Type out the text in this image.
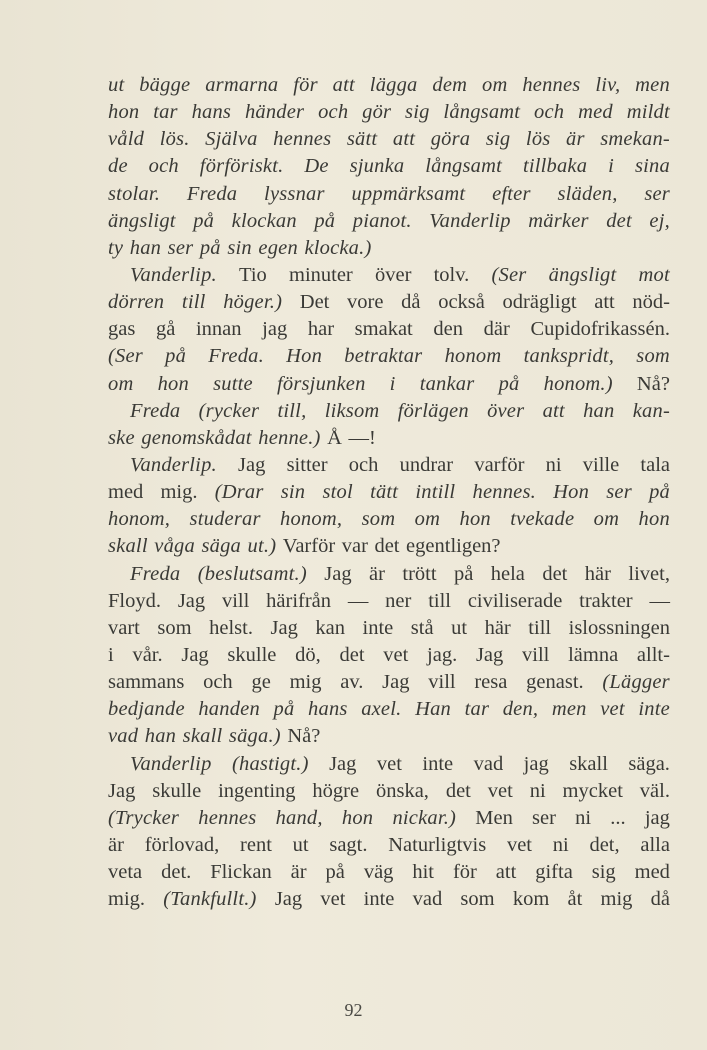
ut bägge armarna för att lägga dem om hennes liv, men
hon tar hans händer och gör sig långsamt och med mildt
våld lös. Själva hennes sätt att göra sig lös är smekan-
de och förföriskt. De sjunka långsamt tillbaka i sina
stolar. Freda lyssnar uppmärksamt efter släden, ser
ängsligt på klockan på pianot. Vanderlip märker det ej,
ty han ser på sin egen klocka.)
Vanderlip. Tio minuter över tolv. (Ser ängsligt mot
dörren till höger.) Det vore då också odrägligt att nöd-
gas gå innan jag har smakat den där Cupidofrikassén.
(Ser på Freda. Hon betraktar honom tankspridt, som
om hon sutte försjunken i tankar på honom.) Nå?
Freda (rycker till, liksom förlägen över att han kan-
ske genomskådat henne.) Å —!
Vanderlip. Jag sitter och undrar varför ni ville tala
med mig. (Drar sin stol tätt intill hennes. Hon ser på
honom, studerar honom, som om hon tvekade om hon
skall våga säga ut.) Varför var det egentligen?
Freda (beslutsamt.) Jag är trött på hela det här livet,
Floyd. Jag vill härifrån — ner till civiliserade trakter —
vart som helst. Jag kan inte stå ut här till islossningen
i vår. Jag skulle dö, det vet jag. Jag vill lämna allt-
sammans och ge mig av. Jag vill resa genast. (Lägger
bedjande handen på hans axel. Han tar den, men vet inte
vad han skall säga.) Nå?
Vanderlip (hastigt.) Jag vet inte vad jag skall säga.
Jag skulle ingenting högre önska, det vet ni mycket väl.
(Trycker hennes hand, hon nickar.) Men ser ni ... jag
är förlovad, rent ut sagt. Naturligtvis vet ni det, alla
veta det. Flickan är på väg hit för att gifta sig med
mig. (Tankfullt.) Jag vet inte vad som kom åt mig då
92
